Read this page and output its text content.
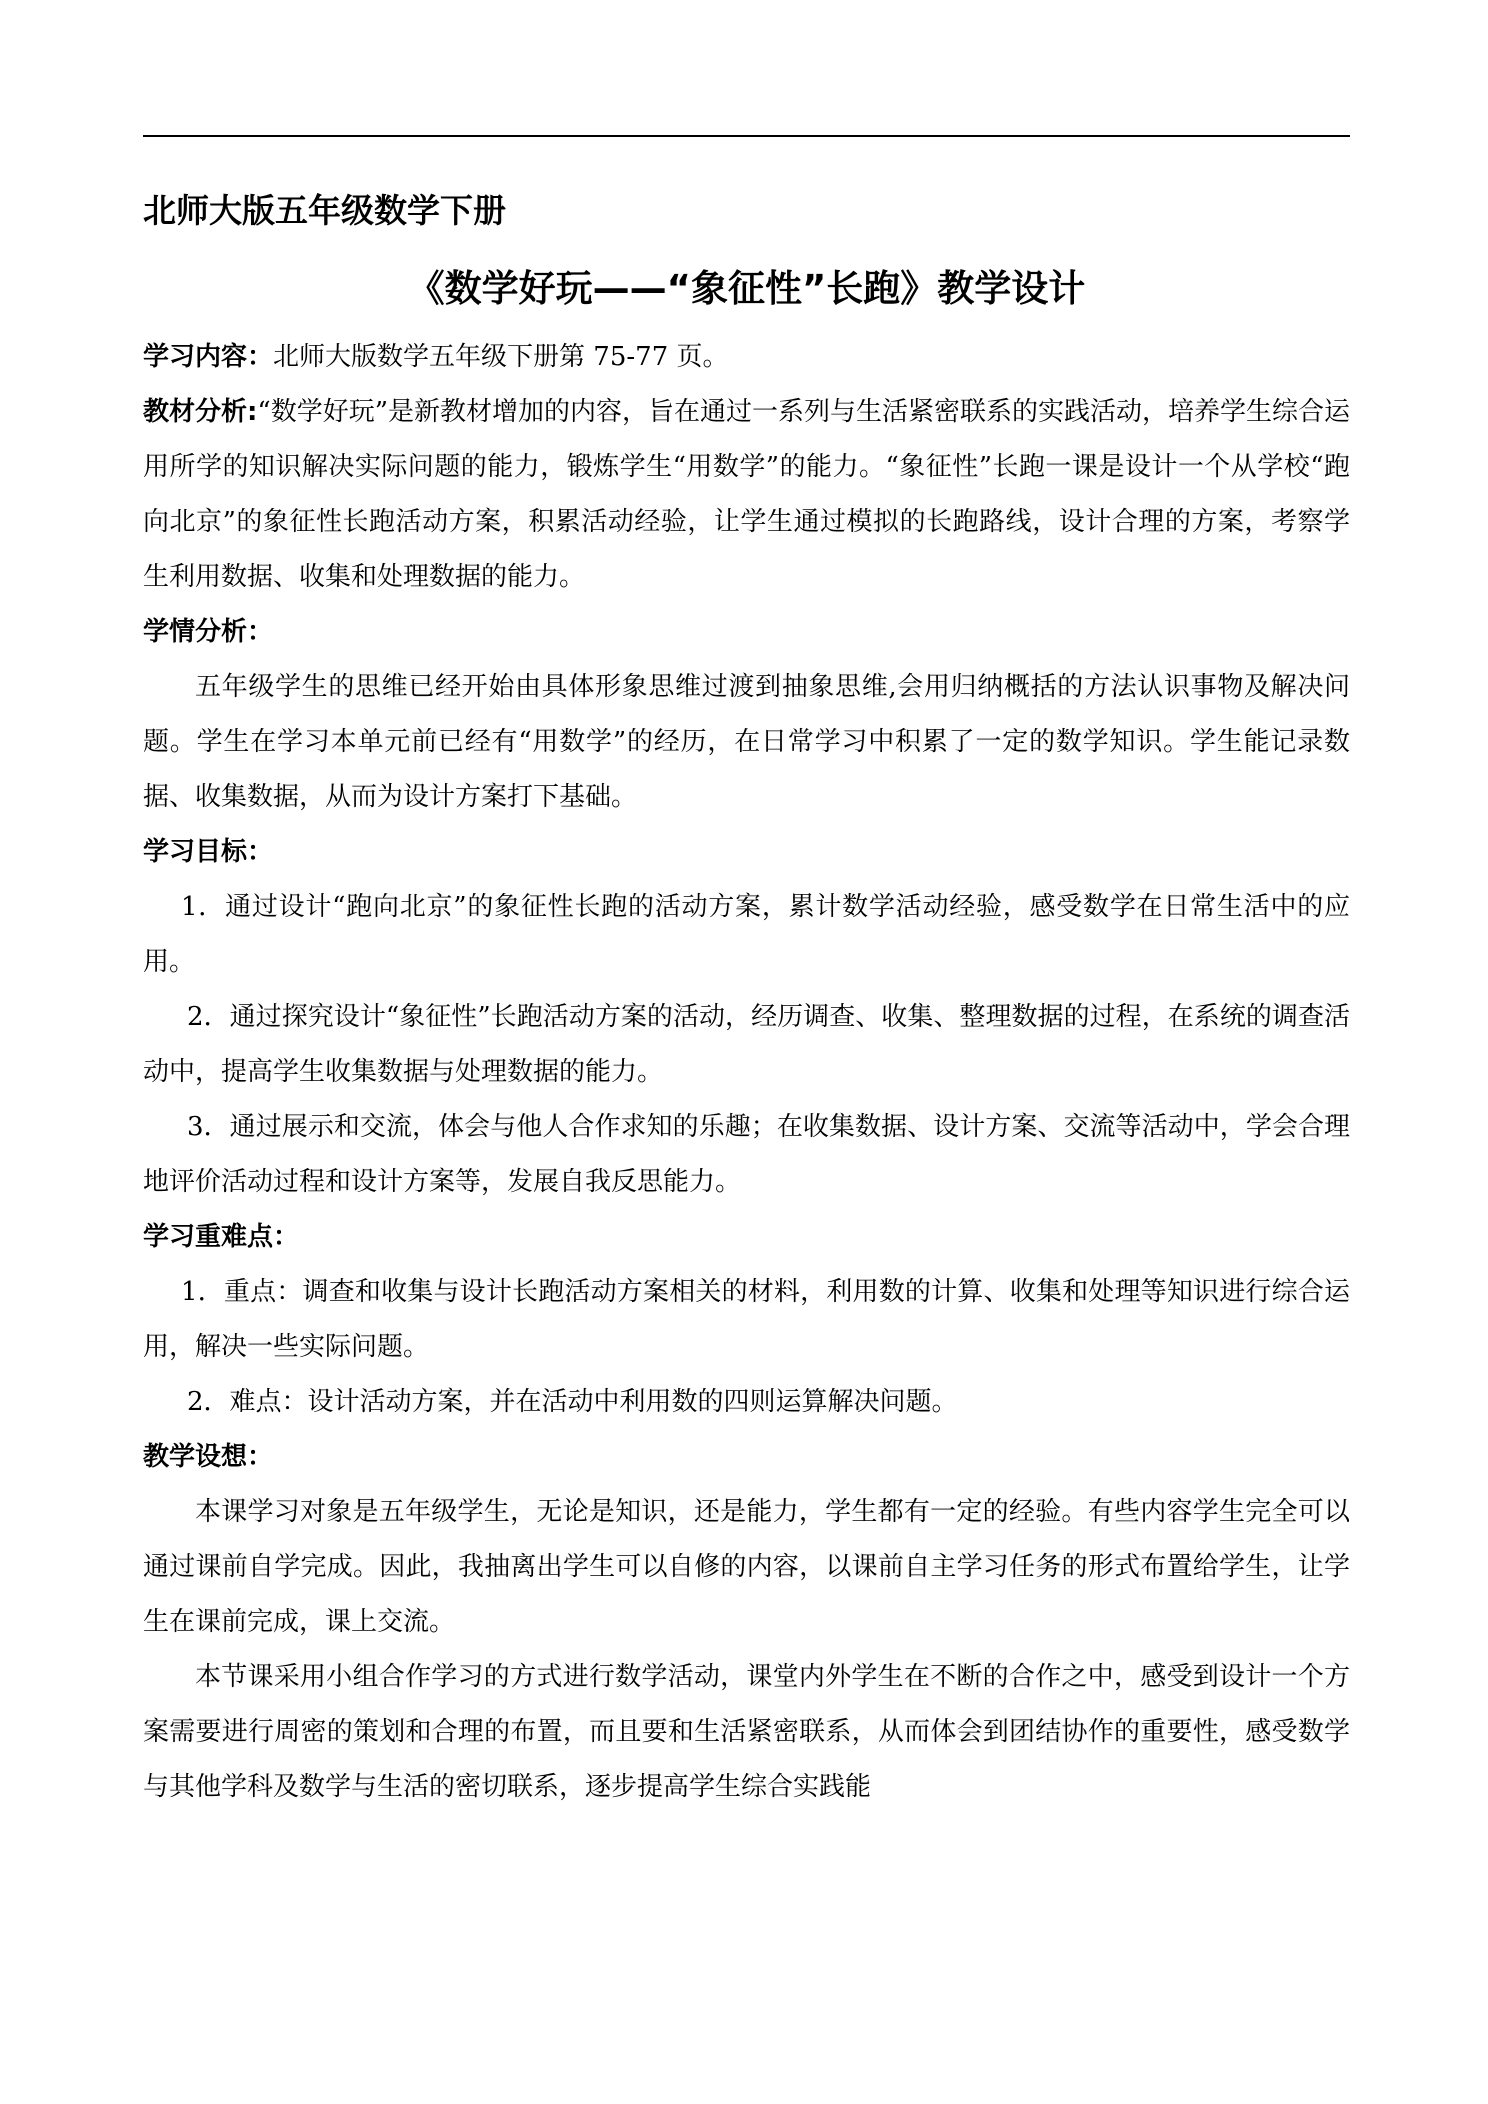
北师大版五年级数学下册
《数学好玩——“象征性”长跑》教学设计

学习内容：北师大版数学五年级下册第 75-77 页。

教材分析:“数学好玩”是新教材增加的内容，旨在通过一系列与生活紧密联系的实践活动，培养学生综合运用所学的知识解决实际问题的能力，锻炼学生“用数学”的能力。“象征性”长跑一课是设计一个从学校“跑向北京”的象征性长跑活动方案，积累活动经验，让学生通过模拟的长跑路线，设计合理的方案，考察学生利用数据、收集和处理数据的能力。

学情分析：

五年级学生的思维已经开始由具体形象思维过渡到抽象思维,会用归纳概括的方法认识事物及解决问题。学生在学习本单元前已经有“用数学”的经历，在日常学习中积累了一定的数学知识。学生能记录数据、收集数据，从而为设计方案打下基础。

学习目标：

1．通过设计“跑向北京”的象征性长跑的活动方案，累计数学活动经验，感受数学在日常生活中的应用。

2．通过探究设计“象征性”长跑活动方案的活动，经历调查、收集、整理数据的过程，在系统的调查活动中，提高学生收集数据与处理数据的能力。

3．通过展示和交流，体会与他人合作求知的乐趣；在收集数据、设计方案、交流等活动中，学会合理地评价活动过程和设计方案等，发展自我反思能力。

学习重难点：

1．重点：调查和收集与设计长跑活动方案相关的材料，利用数的计算、收集和处理等知识进行综合运用，解决一些实际问题。

2．难点：设计活动方案，并在活动中利用数的四则运算解决问题。

教学设想：

本课学习对象是五年级学生，无论是知识，还是能力，学生都有一定的经验。有些内容学生完全可以通过课前自学完成。因此，我抽离出学生可以自修的内容，以课前自主学习任务的形式布置给学生，让学生在课前完成，课上交流。

本节课采用小组合作学习的方式进行数学活动，课堂内外学生在不断的合作之中，感受到设计一个方案需要进行周密的策划和合理的布置，而且要和生活紧密联系，从而体会到团结协作的重要性，感受数学与其他学科及数学与生活的密切联系，逐步提高学生综合实践能
